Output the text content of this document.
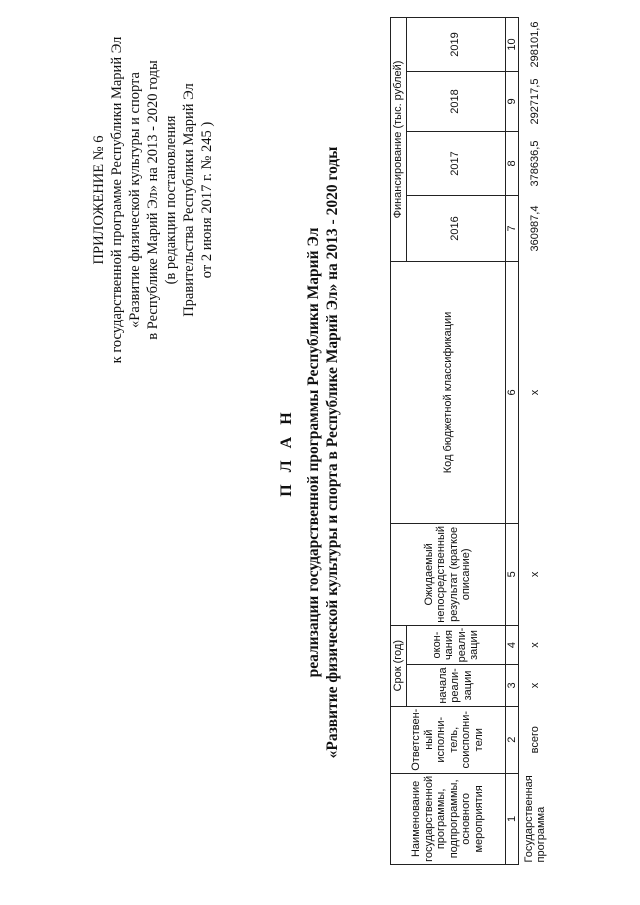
ПРИЛОЖЕНИЕ № 6 к государственной программе Республики Марий Эл «Развитие физической культуры и спорта в Республике Марий Эл» на 2013 - 2020 годы (в редакции постановления Правительства Республики Марий Эл от 2 июня 2017 г. № 245 )
П Л А Н реализации государственной программы Республики Марий Эл «Развитие физической культуры и спорта в Республике Марий Эл» на 2013 - 2020 годы
Наименование государственной программы, подпрограммы, основного мероприятия	Ответствен-ный исполни-тель, соисполни-тели	Срок (год)		Ожидаемый непосредственный результат (краткое описание)	Код бюджетной классификации	Финансирование (тыс. рублей)			
		начала реали-зации	окон-чания реали-зации			2016	2017	2018	2019

1	2	3	4	5	6	7	8	9	10
Государственная программа	всего	х	х	х	х	360987,4	378636,5	292717,5	298101,6
